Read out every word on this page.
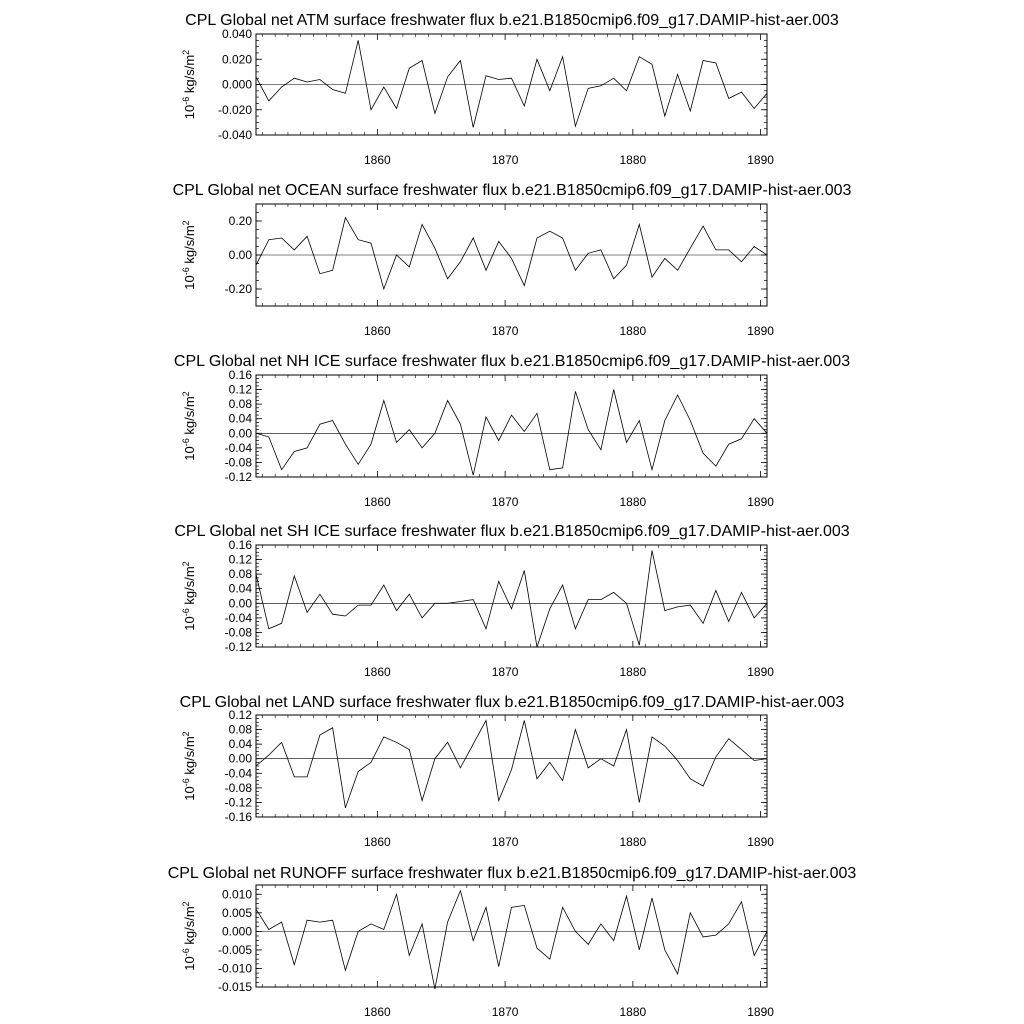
CPL Global net ATM surface freshwater flux b.e21.B1850cmip6.f09_g17.DAMIP-hist-aer.003
0.040
0.020
0.000
-0.020
-0.040
1860	1870	1880	1890
$10^{-6}$ $kg/s/m^2$
CPL Global net OCEAN surface freshwater flux b.e21.B1850cmip6.f09_g17.DAMIP-hist-aer.003
0.20
0.00
-0.20
1860	1870	1880	1890
$10^{-6}$ $kg/s/m^2$
CPL Global net NH ICE surface freshwater flux b.e21.B1850cmip6.f09_g17.DAMIP-hist-aer.003
0.16
0.12
0.08
0.04
0.00
-0.04
-0.08
-0.12
1860	1870	1880	1890
$10^{-6}$ $kg/s/m^2$
CPL Global net SH ICE surface freshwater flux b.e21.B1850cmip6.f09_g17.DAMIP-hist-aer.003
0.16
0.12
0.08
0.04
0.00
-0.04
-0.08
-0.12
1860	1870	1880	1890
$10^{-6}$ $kg/s/m^2$
CPL Global net LAND surface freshwater flux b.e21.B1850cmip6.f09_g17.DAMIP-hist-aer.003
0.12
0.08
0.04
0.00
-0.04
-0.08
-0.12
-0.16
1860	1870	1880	1890
$10^{-6}$ $kg/s/m^2$
CPL Global net RUNOFF surface freshwater flux b.e21.B1850cmip6.f09_g17.DAMIP-hist-aer.003
0.010
0.005
0.000
-0.005
-0.010
-0.015
1860	1870	1880	1890
$10^{-6}$ $kg/s/m^2$
